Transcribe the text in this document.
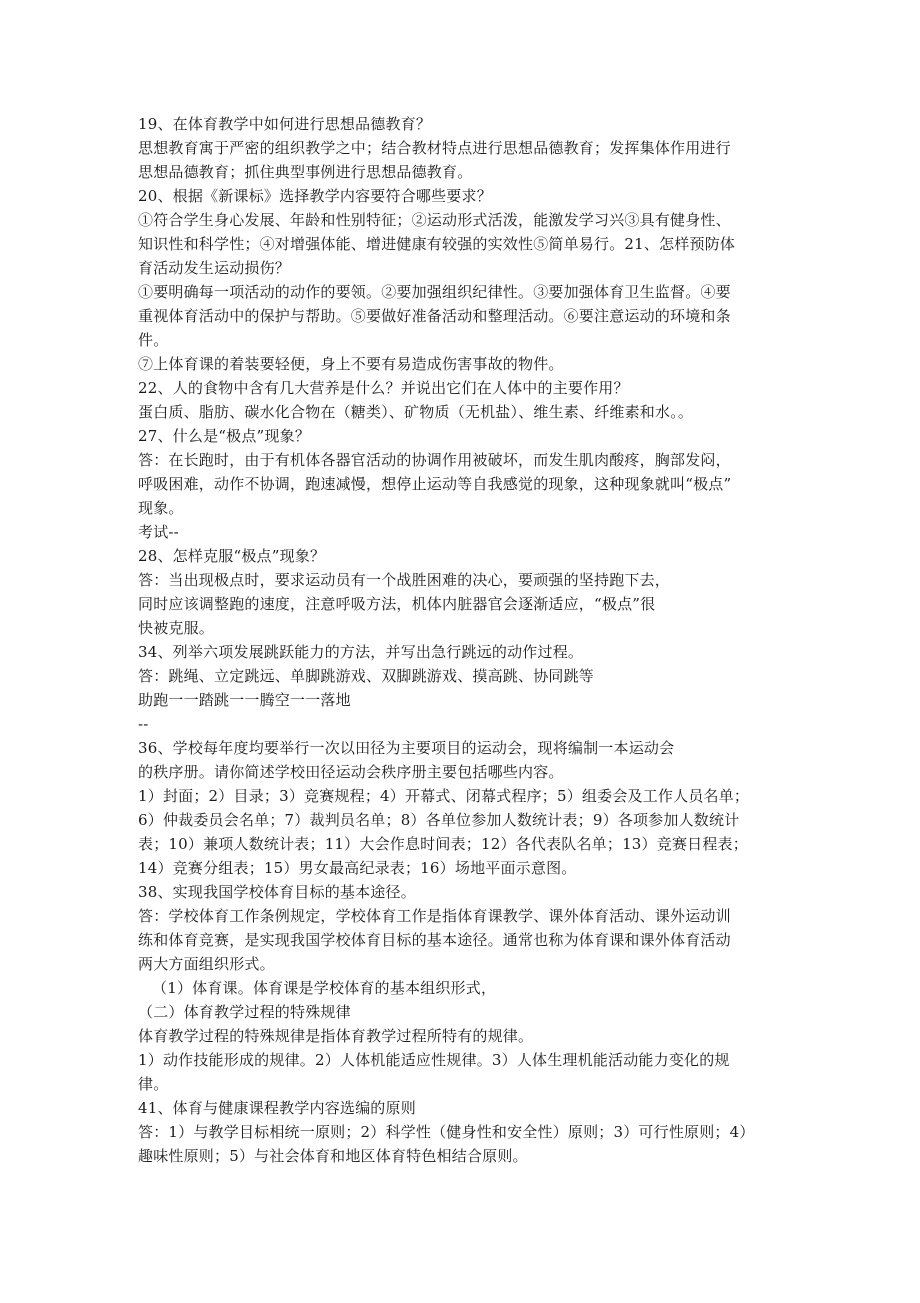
19、在体育教学中如何进行思想品德教育？
思想教育寓于严密的组织教学之中；结合教材特点进行思想品德教育；发挥集体作用进行
思想品德教育；抓住典型事例进行思想品德教育。
20、根据《新课标》选择教学内容要符合哪些要求？
①符合学生身心发展、年龄和性别特征；②运动形式活泼，能激发学习兴③具有健身性、
知识性和科学性；④对增强体能、增进健康有较强的实效性⑤简单易行。21、怎样预防体
育活动发生运动损伤？
①要明确每一项活动的动作的要领。②要加强组织纪律性。③要加强体育卫生监督。④要
重视体育活动中的保护与帮助。⑤要做好准备活动和整理活动。⑥要注意运动的环境和条
件。
⑦上体育课的着装要轻便，身上不要有易造成伤害事故的物件。
22、人的食物中含有几大营养是什么？并说出它们在人体中的主要作用？
蛋白质、脂肪、碳水化合物在（糖类）、矿物质（无机盐）、维生素、纤维素和水。。
27、什么是“极点”现象？
答：在长跑时，由于有机体各器官活动的协调作用被破坏，而发生肌肉酸疼，胸部发闷，
呼吸困难，动作不协调，跑速减慢，想停止运动等自我感觉的现象，这种现象就叫“极点”
现象。
考试--
28、怎样克服“极点”现象？
答：当出现极点时，要求运动员有一个战胜困难的决心，要顽强的坚持跑下去，
同时应该调整跑的速度，注意呼吸方法，机体内脏器官会逐渐适应，“极点”很
快被克服。
34、列举六项发展跳跃能力的方法，并写出急行跳远的动作过程。
答：跳绳、立定跳远、单脚跳游戏、双脚跳游戏、摸高跳、协同跳等
助跑一一踏跳一一腾空一一落地
--
36、学校每年度均要举行一次以田径为主要项目的运动会，现将编制一本运动会
的秩序册。请你简述学校田径运动会秩序册主要包括哪些内容。
1）封面；2）目录；3）竞赛规程；4）开幕式、闭幕式程序；5）组委会及工作人员名单；
6）仲裁委员会名单；7）裁判员名单；8）各单位参加人数统计表；9）各项参加人数统计
表；10）兼项人数统计表；11）大会作息时间表；12）各代表队名单；13）竞赛日程表；
14）竞赛分组表；15）男女最高纪录表；16）场地平面示意图。
38、实现我国学校体育目标的基本途径。
答：学校体育工作条例规定，学校体育工作是指体育课教学、课外体育活动、课外运动训
练和体育竞赛，是实现我国学校体育目标的基本途径。通常也称为体育课和课外体育活动
两大方面组织形式。
（1）体育课。体育课是学校体育的基本组织形式，
（二）体育教学过程的特殊规律
体育教学过程的特殊规律是指体育教学过程所特有的规律。
1）动作技能形成的规律。2）人体机能适应性规律。3）人体生理机能活动能力变化的规
律。
41、体育与健康课程教学内容选编的原则
答：1）与教学目标相统一原则；2）科学性（健身性和安全性）原则；3）可行性原则；4）
趣味性原则；5）与社会体育和地区体育特色相结合原则。
